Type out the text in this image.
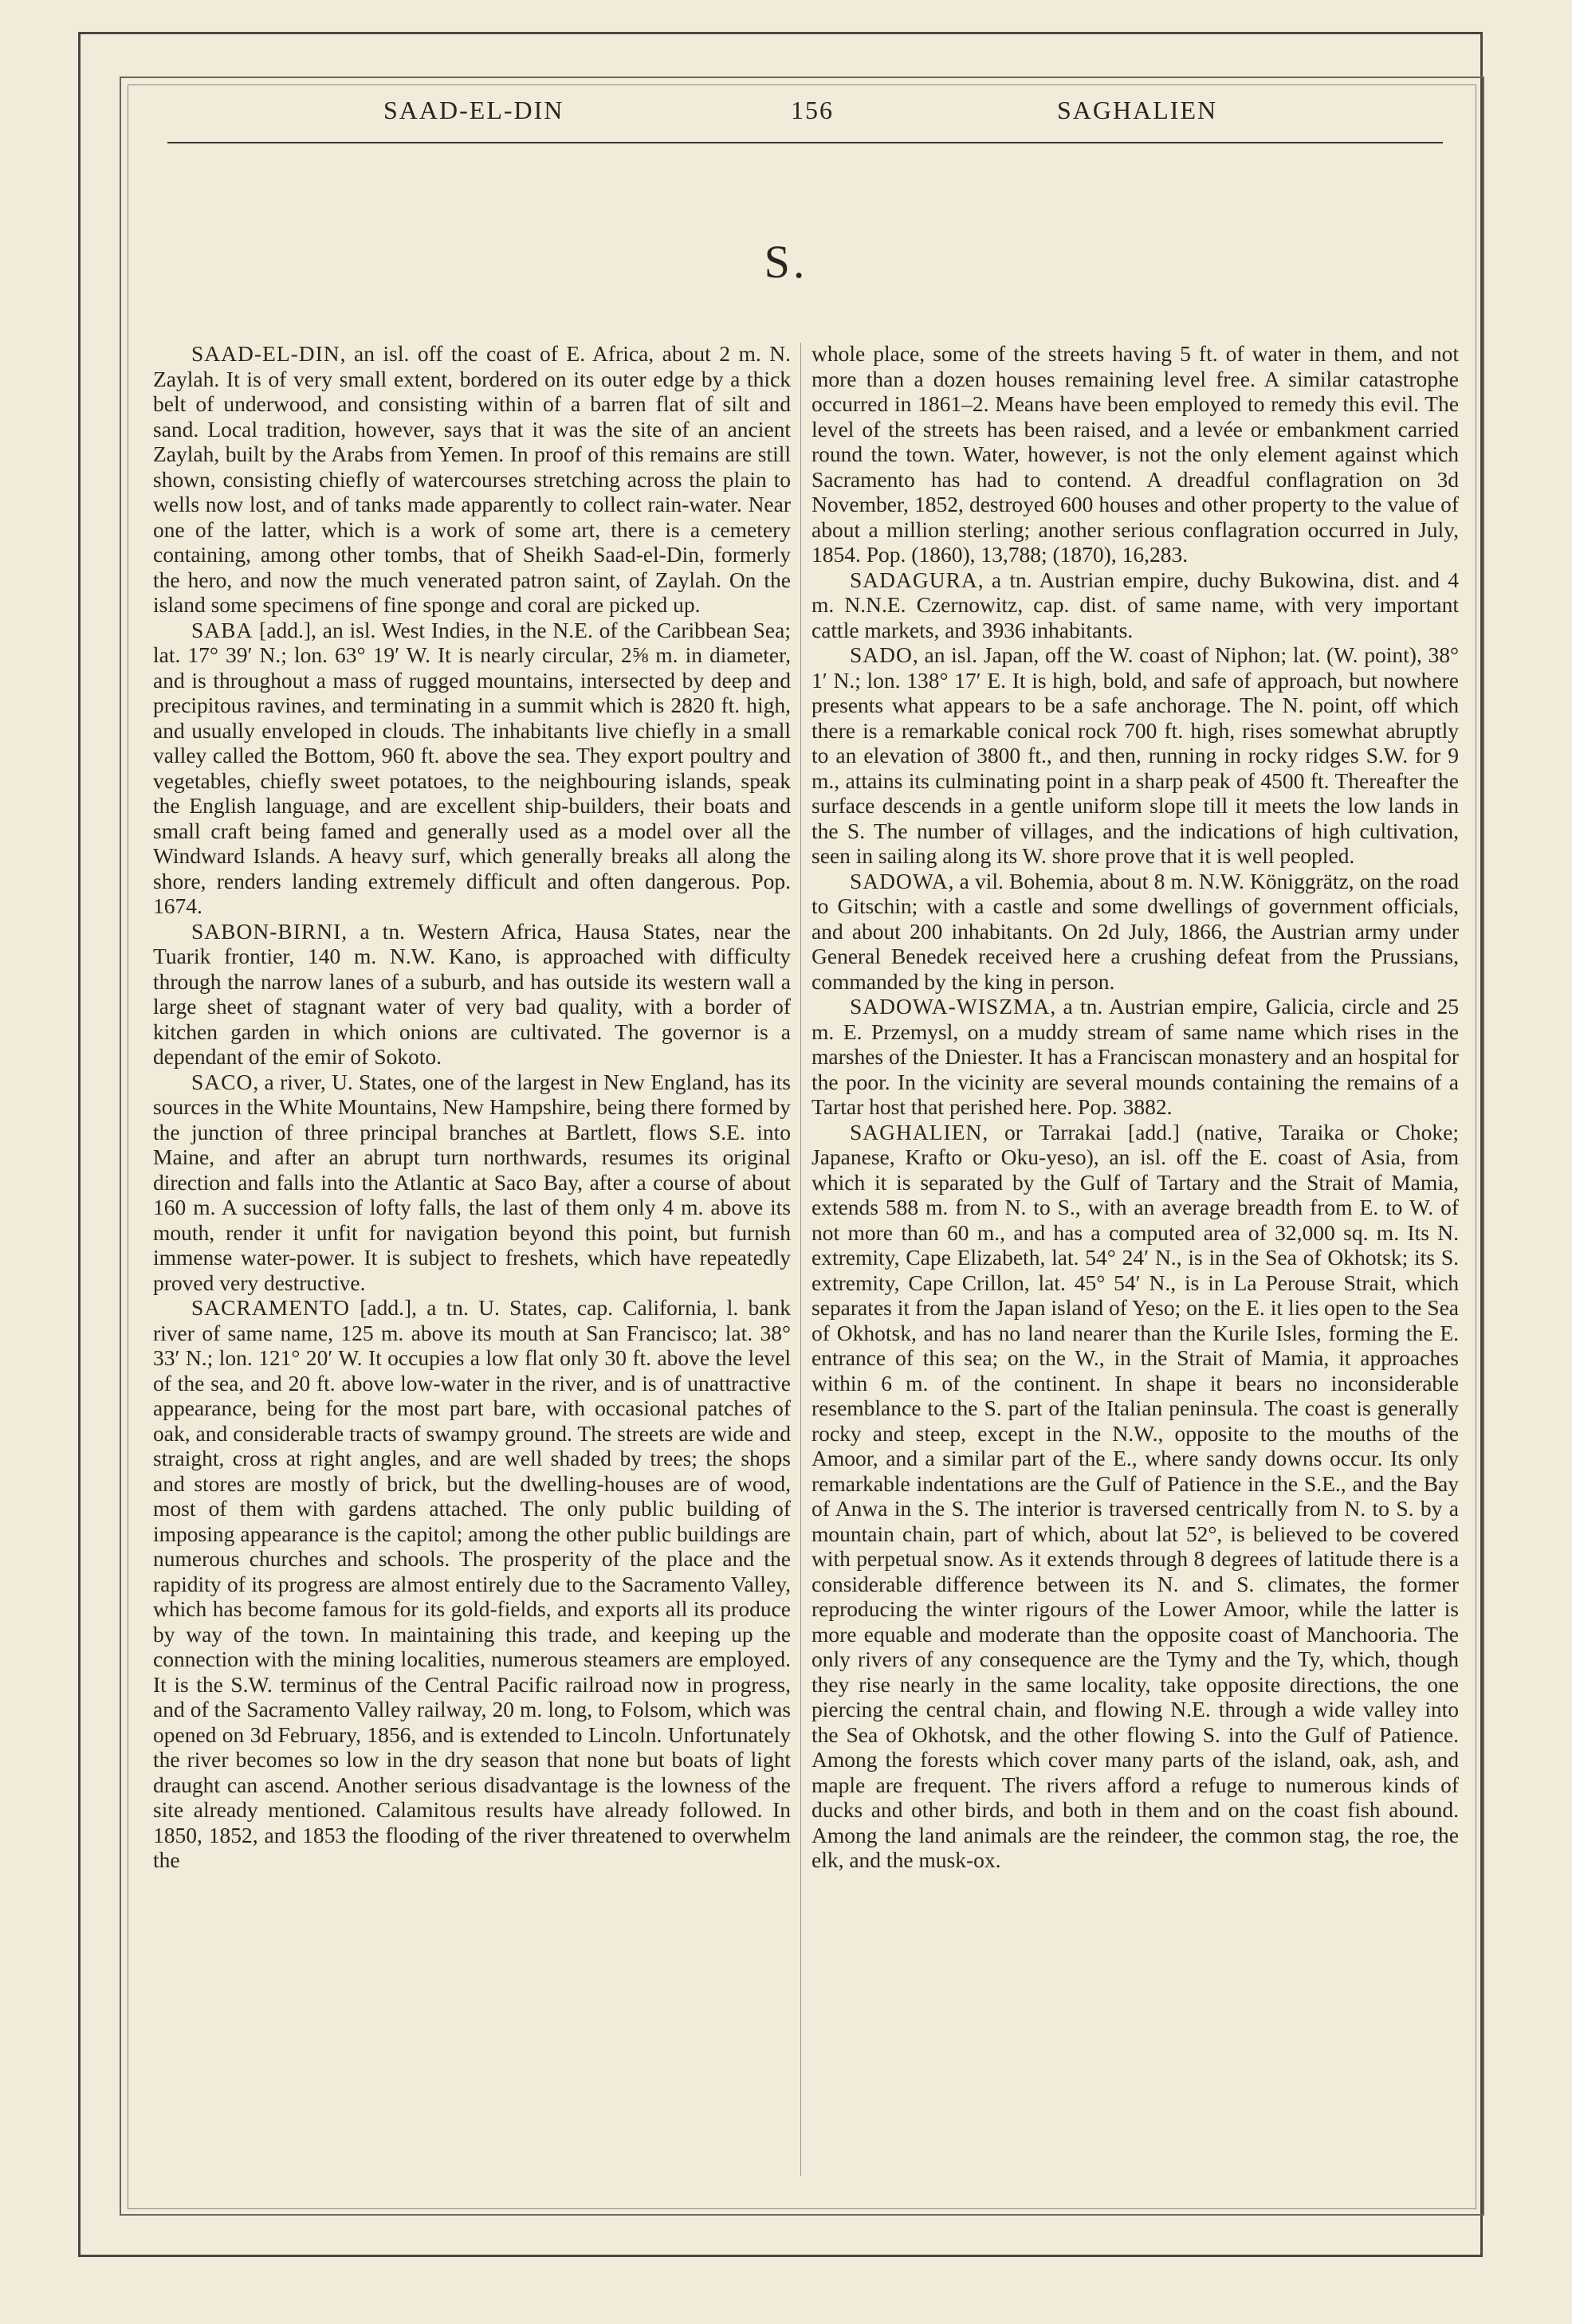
SAAD-EL-DIN	156	SAGHALIEN
S.

SAAD-EL-DIN, an isl. off the coast of E. Africa, about 2 m. N. Zaylah. It is of very small extent, bordered on its outer edge by a thick belt of underwood, and consisting within of a barren flat of silt and sand. Local tradition, however, says that it was the site of an ancient Zaylah, built by the Arabs from Yemen. In proof of this remains are still shown, consisting chiefly of watercourses stretching across the plain to wells now lost, and of tanks made apparently to collect rain-water. Near one of the latter, which is a work of some art, there is a cemetery containing, among other tombs, that of Sheikh Saad-el-Din, formerly the hero, and now the much venerated patron saint, of Zaylah. On the island some specimens of fine sponge and coral are picked up.

SABA [add.], an isl. West Indies, in the N.E. of the Caribbean Sea; lat. 17° 39′ N.; lon. 63° 19′ W. It is nearly circular, 2⅝ m. in diameter, and is throughout a mass of rugged mountains, intersected by deep and precipitous ravines, and terminating in a summit which is 2820 ft. high, and usually enveloped in clouds. The inhabitants live chiefly in a small valley called the Bottom, 960 ft. above the sea. They export poultry and vegetables, chiefly sweet potatoes, to the neighbouring islands, speak the English language, and are excellent ship-builders, their boats and small craft being famed and generally used as a model over all the Windward Islands. A heavy surf, which generally breaks all along the shore, renders landing extremely difficult and often dangerous. Pop. 1674.

SABON-BIRNI, a tn. Western Africa, Hausa States, near the Tuarik frontier, 140 m. N.W. Kano, is approached with difficulty through the narrow lanes of a suburb, and has outside its western wall a large sheet of stagnant water of very bad quality, with a border of kitchen garden in which onions are cultivated. The governor is a dependant of the emir of Sokoto.

SACO, a river, U. States, one of the largest in New England, has its sources in the White Mountains, New Hampshire, being there formed by the junction of three principal branches at Bartlett, flows S.E. into Maine, and after an abrupt turn northwards, resumes its original direction and falls into the Atlantic at Saco Bay, after a course of about 160 m. A succession of lofty falls, the last of them only 4 m. above its mouth, render it unfit for navigation beyond this point, but furnish immense water-power. It is subject to freshets, which have repeatedly proved very destructive.

SACRAMENTO [add.], a tn. U. States, cap. California, l. bank river of same name, 125 m. above its mouth at San Francisco; lat. 38° 33′ N.; lon. 121° 20′ W. It occupies a low flat only 30 ft. above the level of the sea, and 20 ft. above low-water in the river, and is of unattractive appearance, being for the most part bare, with occasional patches of oak, and considerable tracts of swampy ground. The streets are wide and straight, cross at right angles, and are well shaded by trees; the shops and stores are mostly of brick, but the dwelling-houses are of wood, most of them with gardens attached. The only public building of imposing appearance is the capitol; among the other public buildings are numerous churches and schools. The prosperity of the place and the rapidity of its progress are almost entirely due to the Sacramento Valley, which has become famous for its gold-fields, and exports all its produce by way of the town. In maintaining this trade, and keeping up the connection with the mining localities, numerous steamers are employed. It is the S.W. terminus of the Central Pacific railroad now in progress, and of the Sacramento Valley railway, 20 m. long, to Folsom, which was opened on 3d February, 1856, and is extended to Lincoln. Unfortunately the river becomes so low in the dry season that none but boats of light draught can ascend. Another serious disadvantage is the lowness of the site already mentioned. Calamitous results have already followed. In 1850, 1852, and 1853 the flooding of the river threatened to overwhelm the

whole place, some of the streets having 5 ft. of water in them, and not more than a dozen houses remaining level free. A similar catastrophe occurred in 1861–2. Means have been employed to remedy this evil. The level of the streets has been raised, and a levée or embankment carried round the town. Water, however, is not the only element against which Sacramento has had to contend. A dreadful conflagration on 3d November, 1852, destroyed 600 houses and other property to the value of about a million sterling; another serious conflagration occurred in July, 1854. Pop. (1860), 13,788; (1870), 16,283.

SADAGURA, a tn. Austrian empire, duchy Bukowina, dist. and 4 m. N.N.E. Czernowitz, cap. dist. of same name, with very important cattle markets, and 3936 inhabitants.

SADO, an isl. Japan, off the W. coast of Niphon; lat. (W. point), 38° 1′ N.; lon. 138° 17′ E. It is high, bold, and safe of approach, but nowhere presents what appears to be a safe anchorage. The N. point, off which there is a remarkable conical rock 700 ft. high, rises somewhat abruptly to an elevation of 3800 ft., and then, running in rocky ridges S.W. for 9 m., attains its culminating point in a sharp peak of 4500 ft. Thereafter the surface descends in a gentle uniform slope till it meets the low lands in the S. The number of villages, and the indications of high cultivation, seen in sailing along its W. shore prove that it is well peopled.

SADOWA, a vil. Bohemia, about 8 m. N.W. Königgrätz, on the road to Gitschin; with a castle and some dwellings of government officials, and about 200 inhabitants. On 2d July, 1866, the Austrian army under General Benedek received here a crushing defeat from the Prussians, commanded by the king in person.

SADOWA-WISZMA, a tn. Austrian empire, Galicia, circle and 25 m. E. Przemysl, on a muddy stream of same name which rises in the marshes of the Dniester. It has a Franciscan monastery and an hospital for the poor. In the vicinity are several mounds containing the remains of a Tartar host that perished here. Pop. 3882.

SAGHALIEN, or Tarrakai [add.] (native, Taraika or Choke; Japanese, Krafto or Oku-yeso), an isl. off the E. coast of Asia, from which it is separated by the Gulf of Tartary and the Strait of Mamia, extends 588 m. from N. to S., with an average breadth from E. to W. of not more than 60 m., and has a computed area of 32,000 sq. m. Its N. extremity, Cape Elizabeth, lat. 54° 24′ N., is in the Sea of Okhotsk; its S. extremity, Cape Crillon, lat. 45° 54′ N., is in La Perouse Strait, which separates it from the Japan island of Yeso; on the E. it lies open to the Sea of Okhotsk, and has no land nearer than the Kurile Isles, forming the E. entrance of this sea; on the W., in the Strait of Mamia, it approaches within 6 m. of the continent. In shape it bears no inconsiderable resemblance to the S. part of the Italian peninsula. The coast is generally rocky and steep, except in the N.W., opposite to the mouths of the Amoor, and a similar part of the E., where sandy downs occur. Its only remarkable indentations are the Gulf of Patience in the S.E., and the Bay of Anwa in the S. The interior is traversed centrically from N. to S. by a mountain chain, part of which, about lat 52°, is believed to be covered with perpetual snow. As it extends through 8 degrees of latitude there is a considerable difference between its N. and S. climates, the former reproducing the winter rigours of the Lower Amoor, while the latter is more equable and moderate than the opposite coast of Manchooria. The only rivers of any consequence are the Tymy and the Ty, which, though they rise nearly in the same locality, take opposite directions, the one piercing the central chain, and flowing N.E. through a wide valley into the Sea of Okhotsk, and the other flowing S. into the Gulf of Patience. Among the forests which cover many parts of the island, oak, ash, and maple are frequent. The rivers afford a refuge to numerous kinds of ducks and other birds, and both in them and on the coast fish abound. Among the land animals are the reindeer, the common stag, the roe, the elk, and the musk-ox.
